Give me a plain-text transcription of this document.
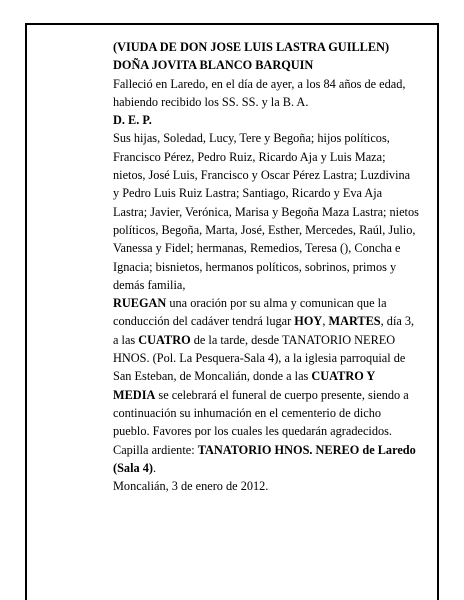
(VIUDA DE DON JOSE LUIS LASTRA GUILLEN)

DOÑA JOVITA BLANCO BARQUIN

Falleció en Laredo, en el día de ayer, a los 84 años de edad, habiendo recibido los SS. SS. y la B. A.

D. E. P.

Sus hijas, Soledad, Lucy, Tere y Begoña; hijos políticos, Francisco Pérez, Pedro Ruiz, Ricardo Aja y Luis Maza; nietos, José Luis, Francisco y Oscar Pérez Lastra; Luzdivina y Pedro Luis Ruiz Lastra; Santiago, Ricardo y Eva Aja Lastra; Javier, Verónica, Marisa y Begoña Maza Lastra; nietos políticos, Begoña, Marta, José, Esther, Mercedes, Raúl, Julio, Vanessa y Fidel; hermanas, Remedios, Teresa (), Concha e Ignacia; bisnietos, hermanos políticos, sobrinos, primos y demás familia,

RUEGAN una oración por su alma y comunican que la conducción del cadáver tendrá lugar HOY, MARTES, día 3, a las CUATRO de la tarde, desde TANATORIO NEREO HNOS. (Pol. La Pesquera-Sala 4), a la iglesia parroquial de San Esteban, de Moncalián, donde a las CUATRO Y MEDIA se celebrará el funeral de cuerpo presente, siendo a continuación su inhumación en el cementerio de dicho pueblo. Favores por los cuales les quedarán agradecidos. Capilla ardiente: TANATORIO HNOS. NEREO de Laredo (Sala 4).

Moncalián, 3 de enero de 2012.
